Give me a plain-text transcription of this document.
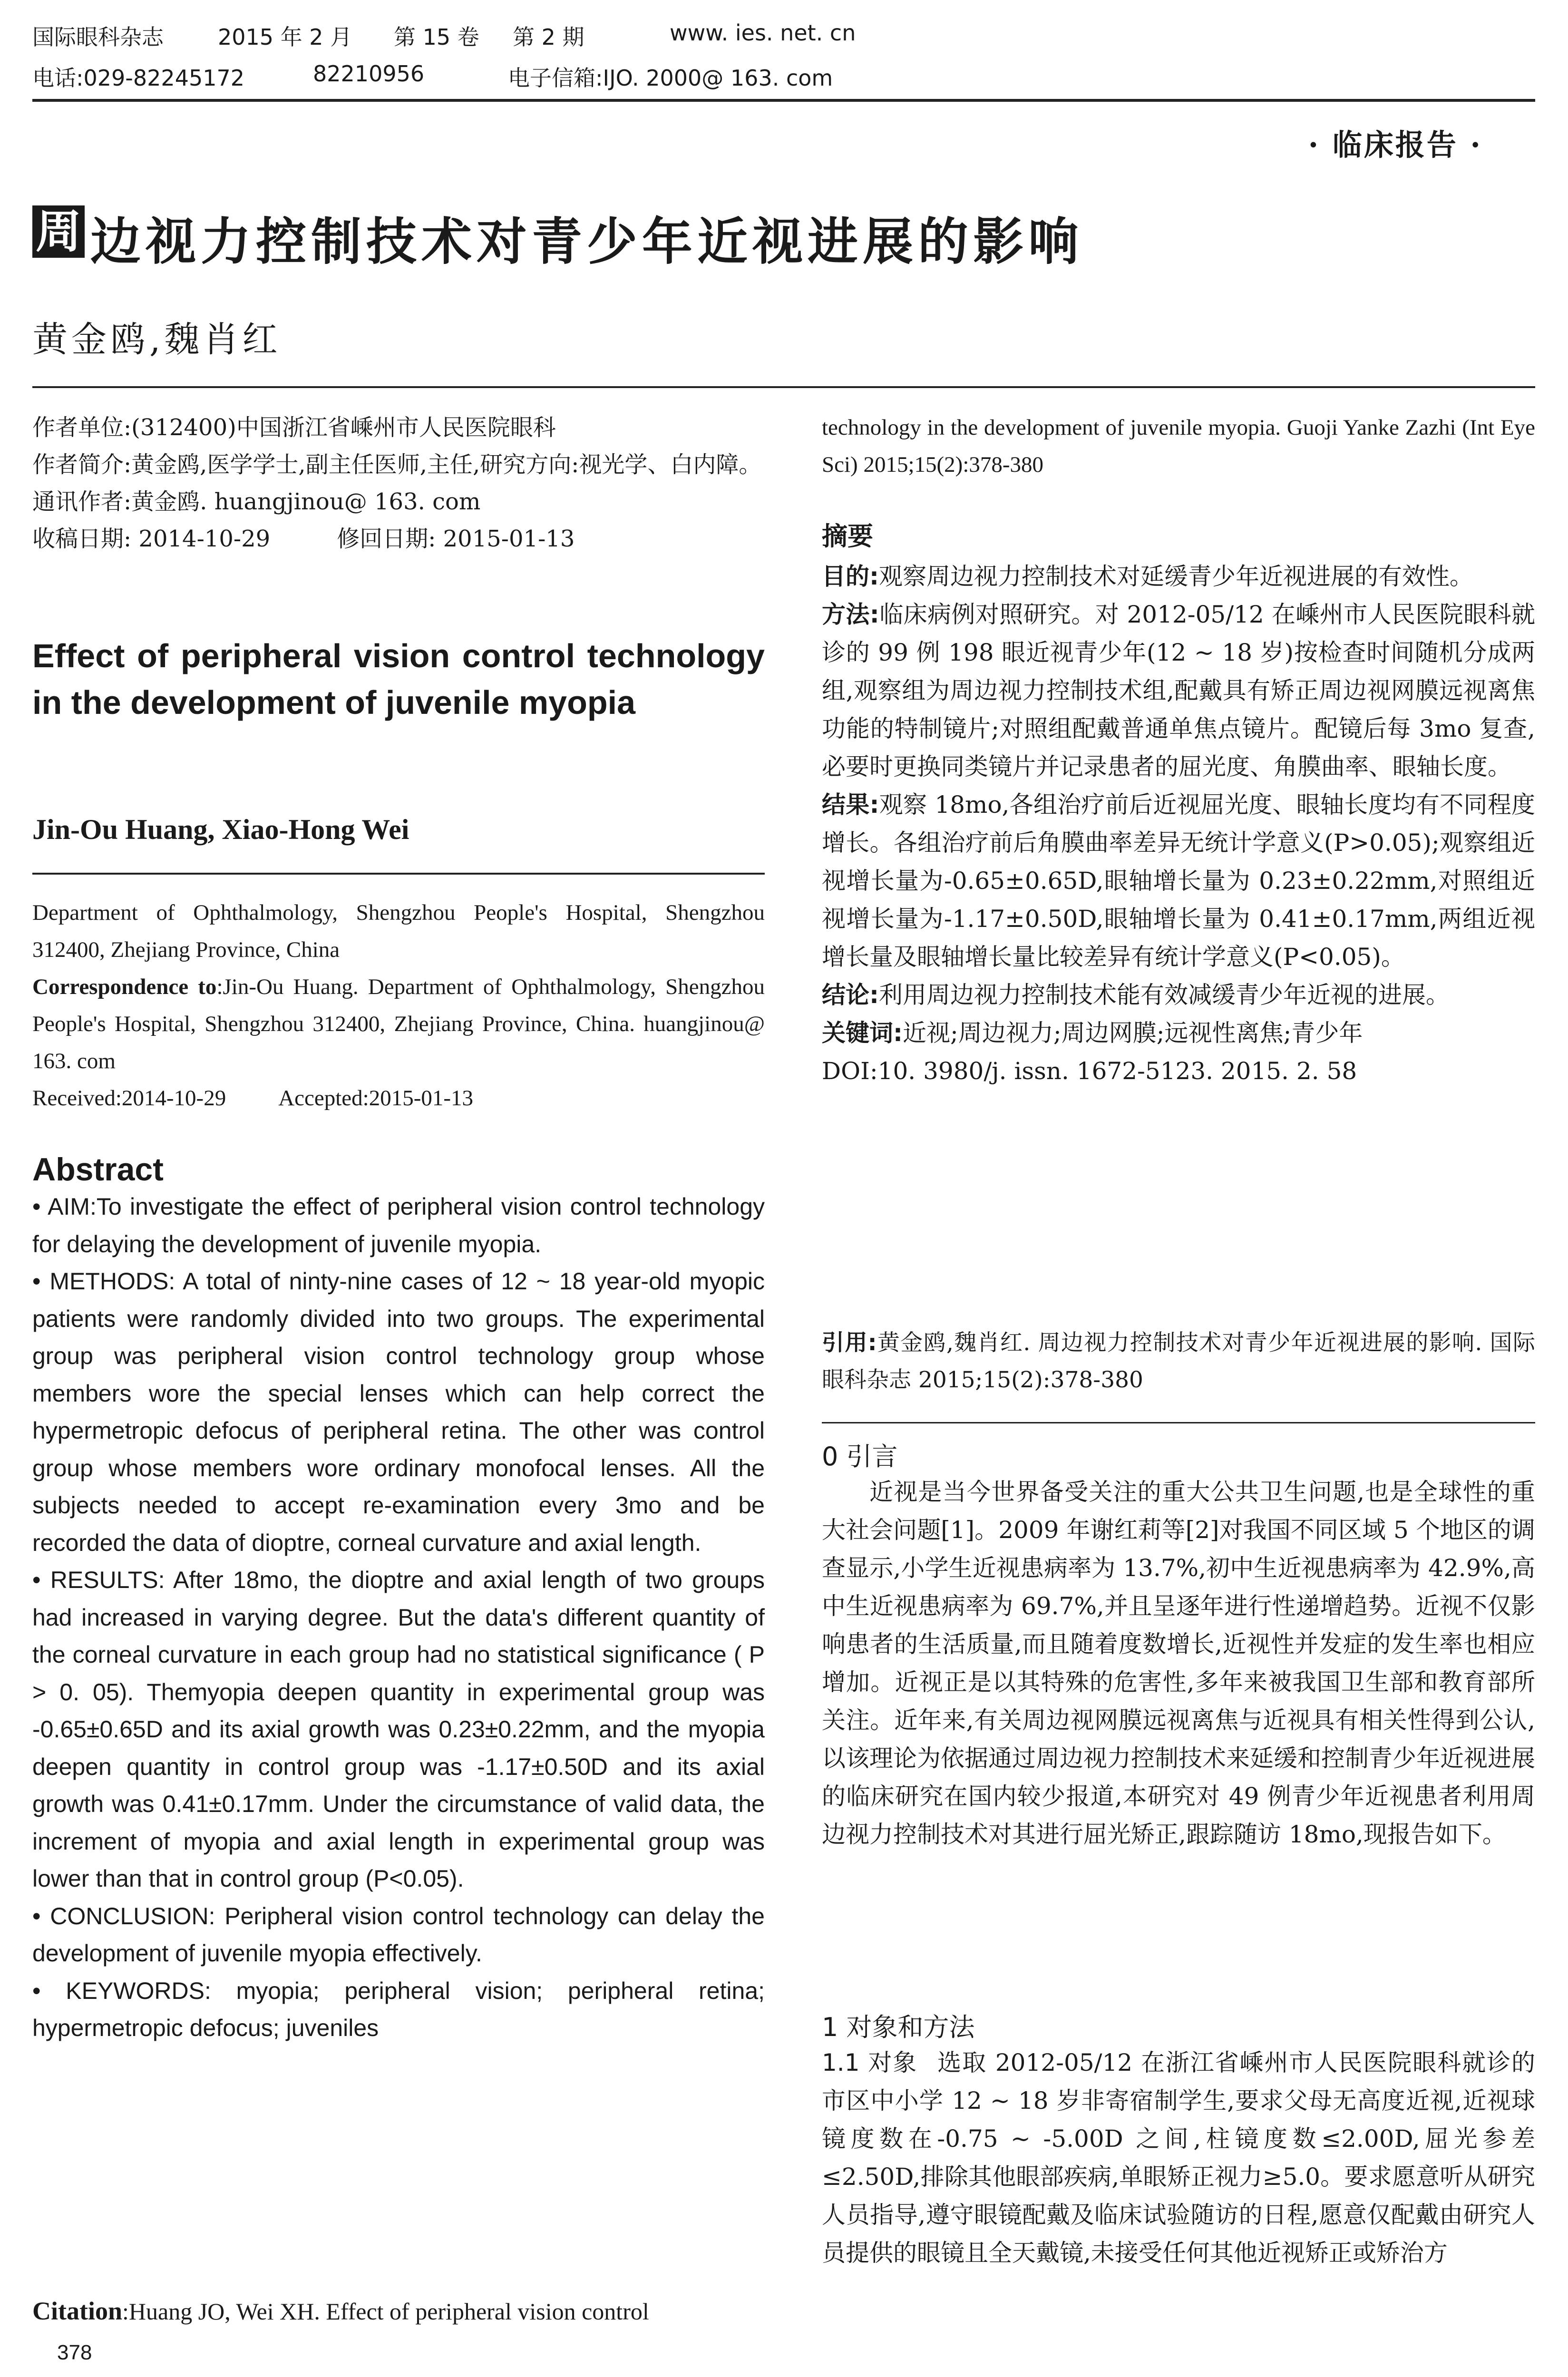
国际眼科杂志 2015 年 2 月 第 15 卷 第 2 期	www. ies. net. cn
电话:029-82245172	82210956	电子信箱:IJO. 2000@ 163. com
· 临床报告 ·
周 边视力控制技术对青少年近视进展的影响
黄金鸥,魏肖红

作者单位:(312400)中国浙江省嵊州市人民医院眼科

作者简介:黄金鸥,医学学士,副主任医师,主任,研究方向:视光学、白内障。

通讯作者:黄金鸥. huangjinou@ 163. com

收稿日期: 2014-10-29	修回日期: 2015-01-13

Effect of peripheral vision control technology in the development of juvenile myopia

Jin-Ou Huang, Xiao-Hong Wei

Department of Ophthalmology, Shengzhou People's Hospital, Shengzhou 312400, Zhejiang Province, China

Correspondence to:Jin-Ou Huang. Department of Ophthalmology, Shengzhou People's Hospital, Shengzhou 312400, Zhejiang Province, China. huangjinou@ 163. com

Received:2014-10-29 Accepted:2015-01-13

Abstract

• AIM:To investigate the effect of peripheral vision control technology for delaying the development of juvenile myopia.

• METHODS: A total of ninty-nine cases of 12 ~ 18 year-old myopic patients were randomly divided into two groups. The experimental group was peripheral vision control technology group whose members wore the special lenses which can help correct the hypermetropic defocus of peripheral retina. The other was control group whose members wore ordinary monofocal lenses. All the subjects needed to accept re-examination every 3mo and be recorded the data of dioptre, corneal curvature and axial length.

• RESULTS: After 18mo, the dioptre and axial length of two groups had increased in varying degree. But the data's different quantity of the corneal curvature in each group had no statistical significance ( P > 0. 05). Themyopia deepen quantity in experimental group was -0.65±0.65D and its axial growth was 0.23±0.22mm, and the myopia deepen quantity in control group was -1.17±0.50D and its axial growth was 0.41±0.17mm. Under the circumstance of valid data, the increment of myopia and axial length in experimental group was lower than that in control group (P<0.05).

• CONCLUSION: Peripheral vision control technology can delay the development of juvenile myopia effectively.

• KEYWORDS: myopia; peripheral vision; peripheral retina; hypermetropic defocus; juveniles

Citation:Huang JO, Wei XH. Effect of peripheral vision control

technology in the development of juvenile myopia. Guoji Yanke Zazhi (Int Eye Sci) 2015;15(2):378-380

摘要

目的:观察周边视力控制技术对延缓青少年近视进展的有效性。

方法:临床病例对照研究。对 2012-05/12 在嵊州市人民医院眼科就诊的 99 例 198 眼近视青少年(12 ~ 18 岁)按检查时间随机分成两组,观察组为周边视力控制技术组,配戴具有矫正周边视网膜远视离焦功能的特制镜片;对照组配戴普通单焦点镜片。配镜后每 3mo 复查,必要时更换同类镜片并记录患者的屈光度、角膜曲率、眼轴长度。

结果:观察 18mo,各组治疗前后近视屈光度、眼轴长度均有不同程度增长。各组治疗前后角膜曲率差异无统计学意义(P>0.05);观察组近视增长量为-0.65±0.65D,眼轴增长量为 0.23±0.22mm,对照组近视增长量为-1.17±0.50D,眼轴增长量为 0.41±0.17mm,两组近视增长量及眼轴增长量比较差异有统计学意义(P<0.05)。

结论:利用周边视力控制技术能有效减缓青少年近视的进展。

关键词:近视;周边视力;周边网膜;远视性离焦;青少年

DOI:10. 3980/j. issn. 1672-5123. 2015. 2. 58

引用:黄金鸥,魏肖红. 周边视力控制技术对青少年近视进展的影响. 国际眼科杂志 2015;15(2):378-380

0 引言

近视是当今世界备受关注的重大公共卫生问题,也是全球性的重大社会问题[1]。2009 年谢红莉等[2]对我国不同区域 5 个地区的调查显示,小学生近视患病率为 13.7%,初中生近视患病率为 42.9%,高中生近视患病率为 69.7%,并且呈逐年进行性递增趋势。近视不仅影响患者的生活质量,而且随着度数增长,近视性并发症的发生率也相应增加。近视正是以其特殊的危害性,多年来被我国卫生部和教育部所关注。近年来,有关周边视网膜远视离焦与近视具有相关性得到公认,以该理论为依据通过周边视力控制技术来延缓和控制青少年近视进展的临床研究在国内较少报道,本研究对 49 例青少年近视患者利用周边视力控制技术对其进行屈光矫正,跟踪随访 18mo,现报告如下。

1 对象和方法

1.1 对象 选取 2012-05/12 在浙江省嵊州市人民医院眼科就诊的市区中小学 12 ~ 18 岁非寄宿制学生,要求父母无高度近视,近视球镜度数在-0.75 ~ -5.00D 之间,柱镜度数≤2.00D,屈光参差≤2.50D,排除其他眼部疾病,单眼矫正视力≥5.0。要求愿意听从研究人员指导,遵守眼镜配戴及临床试验随访的日程,愿意仅配戴由研究人员提供的眼镜且全天戴镜,未接受任何其他近视矫正或矫治方

378
